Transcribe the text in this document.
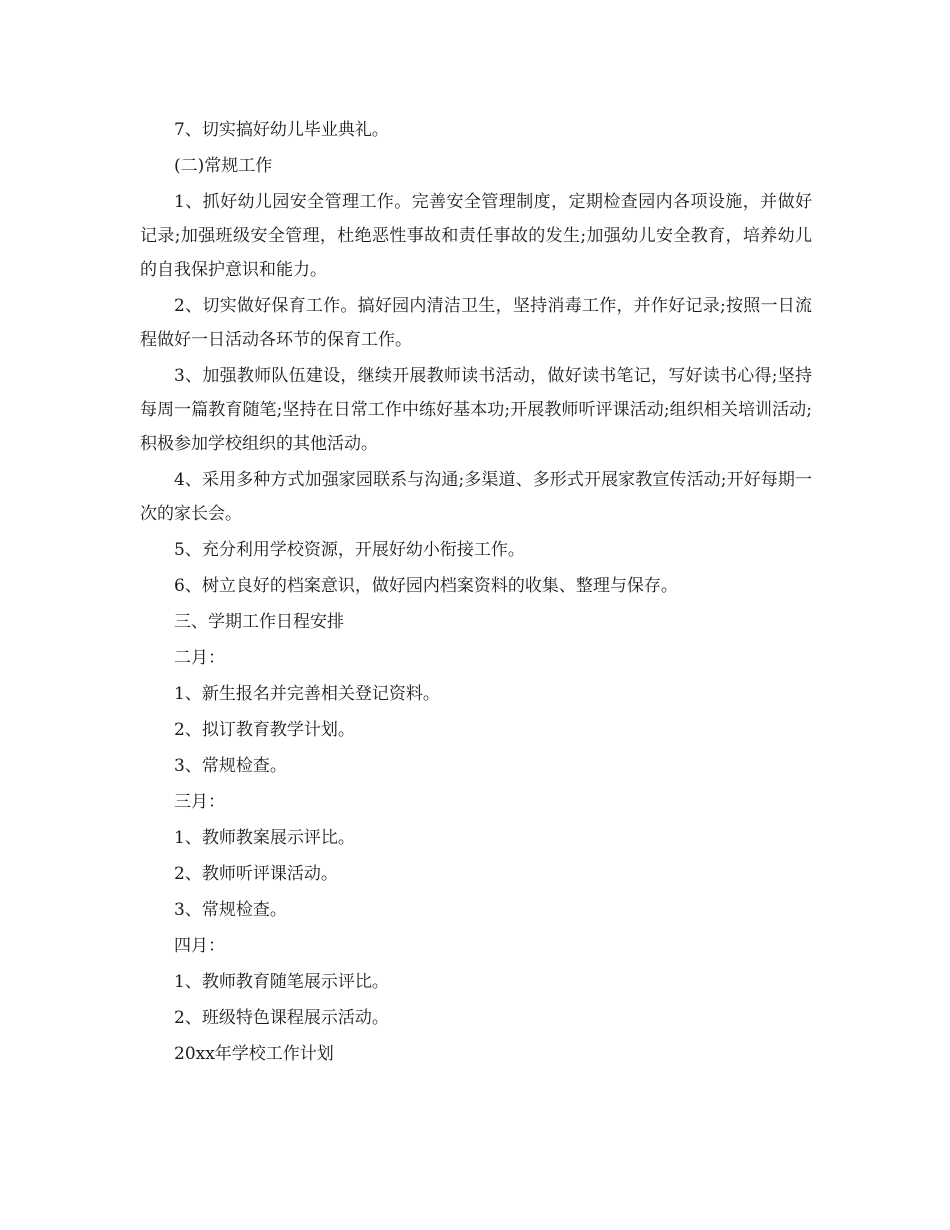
7、切实搞好幼儿毕业典礼。

(二)常规工作

1、抓好幼儿园安全管理工作。完善安全管理制度，定期检查园内各项设施，并做好记录;加强班级安全管理，杜绝恶性事故和责任事故的发生;加强幼儿安全教育，培养幼儿的自我保护意识和能力。

2、切实做好保育工作。搞好园内清洁卫生，坚持消毒工作，并作好记录;按照一日流程做好一日活动各环节的保育工作。

3、加强教师队伍建设，继续开展教师读书活动，做好读书笔记，写好读书心得;坚持每周一篇教育随笔;坚持在日常工作中练好基本功;开展教师听评课活动;组织相关培训活动;积极参加学校组织的其他活动。

4、采用多种方式加强家园联系与沟通;多渠道、多形式开展家教宣传活动;开好每期一次的家长会。

5、充分利用学校资源，开展好幼小衔接工作。

6、树立良好的档案意识，做好园内档案资料的收集、整理与保存。

三、学期工作日程安排

二月：

1、新生报名并完善相关登记资料。

2、拟订教育教学计划。

3、常规检查。

三月：

1、教师教案展示评比。

2、教师听评课活动。

3、常规检查。

四月：

1、教师教育随笔展示评比。

2、班级特色课程展示活动。

20xx年学校工作计划
